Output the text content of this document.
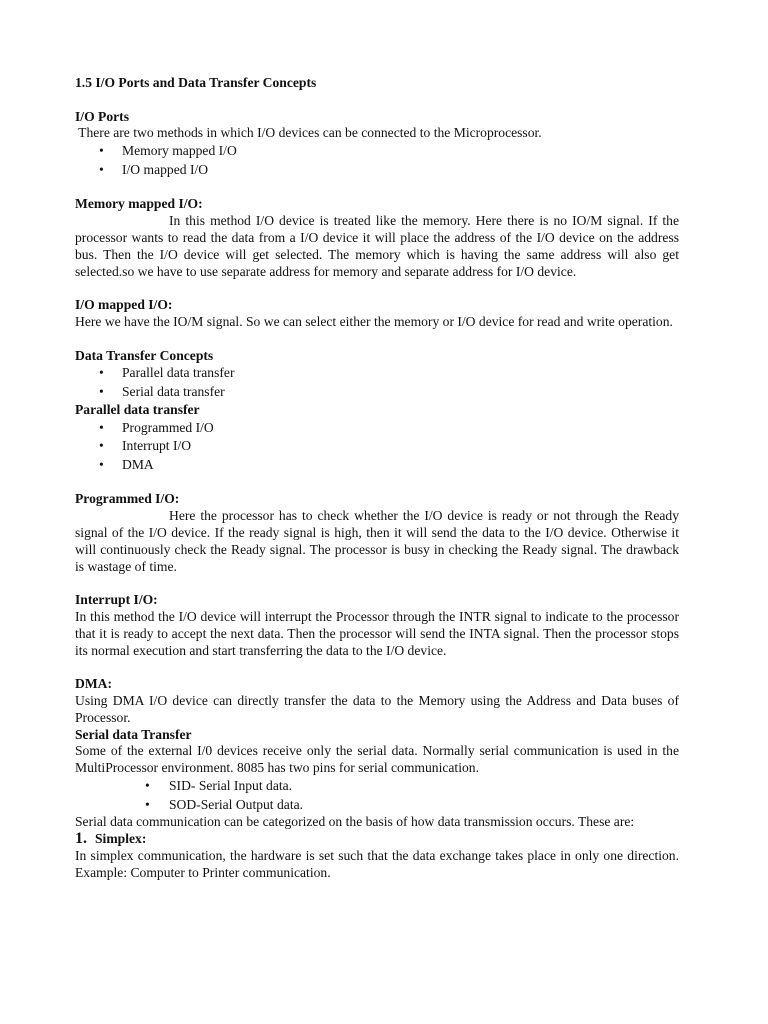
1.5 I/O Ports and Data Transfer Concepts

I/O Ports

There are two methods in which I/O devices can be connected to the Microprocessor.

• Memory mapped I/O
• I/O mapped I/O

Memory mapped I/O:

In this method I/O device is treated like the memory. Here there is no IO/M signal. If the processor wants to read the data from a I/O device it will place the address of the I/O device on the address bus. Then the I/O device will get selected. The memory which is having the same address will also get selected.so we have to use separate address for memory and separate address for I/O device.

I/O mapped I/O:

Here we have the IO/M signal. So we can select either the memory or I/O device for read and write operation.

Data Transfer Concepts

• Parallel data transfer
• Serial data transfer

Parallel data transfer

• Programmed I/O
• Interrupt I/O
• DMA

Programmed I/O:

Here the processor has to check whether the I/O device is ready or not through the Ready signal of the I/O device. If the ready signal is high, then it will send the data to the I/O device. Otherwise it will continuously check the Ready signal. The processor is busy in checking the Ready signal. The drawback is wastage of time.

Interrupt I/O:

In this method the I/O device will interrupt the Processor through the INTR signal to indicate to the processor that it is ready to accept the next data. Then the processor will send the INTA signal. Then the processor stops its normal execution and start transferring the data to the I/O device.

DMA:

Using DMA I/O device can directly transfer the data to the Memory using the Address and Data buses of Processor.

Serial data Transfer

Some of the external I/0 devices receive only the serial data. Normally serial communication is used in the MultiProcessor environment. 8085 has two pins for serial communication.

• SID- Serial Input data.
• SOD-Serial Output data.

Serial data communication can be categorized on the basis of how data transmission occurs. These are:

1. Simplex:

In simplex communication, the hardware is set such that the data exchange takes place in only one direction. Example: Computer to Printer communication.
